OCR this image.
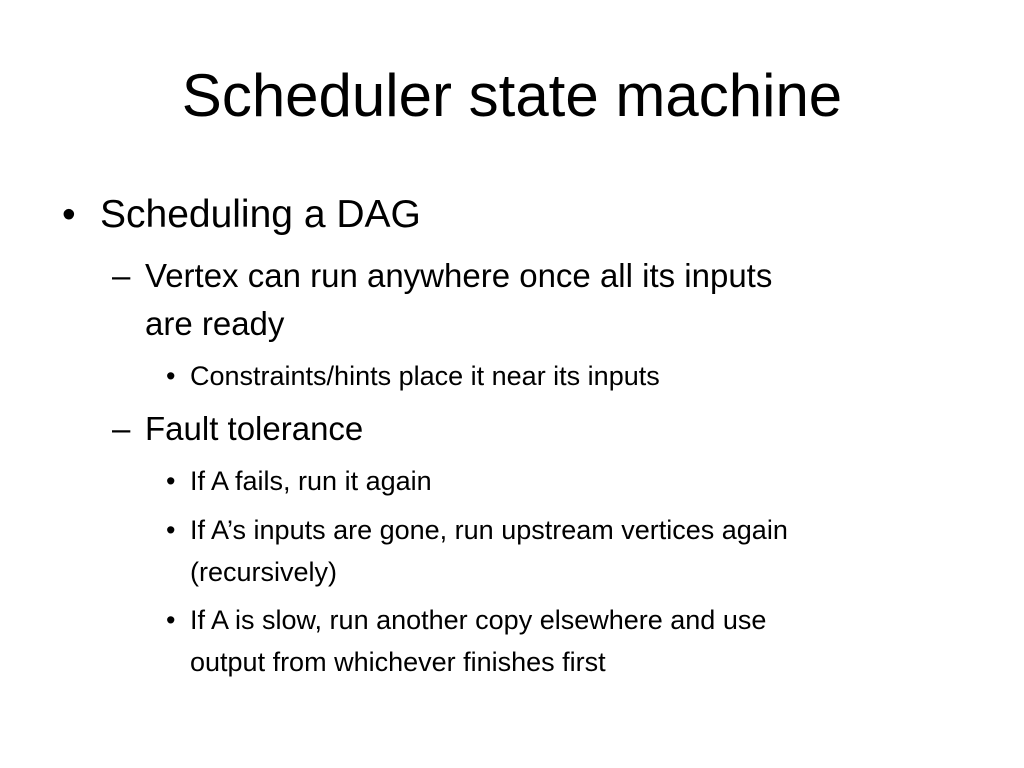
Scheduler state machine
• Scheduling a DAG

– Vertex can run anywhere once all its inputs

are ready

• Constraints/hints place it near its inputs

– Fault tolerance

• If A fails, run it again

• If A’s inputs are gone, run upstream vertices again

(recursively)

• If A is slow, run another copy elsewhere and use

output from whichever finishes first
